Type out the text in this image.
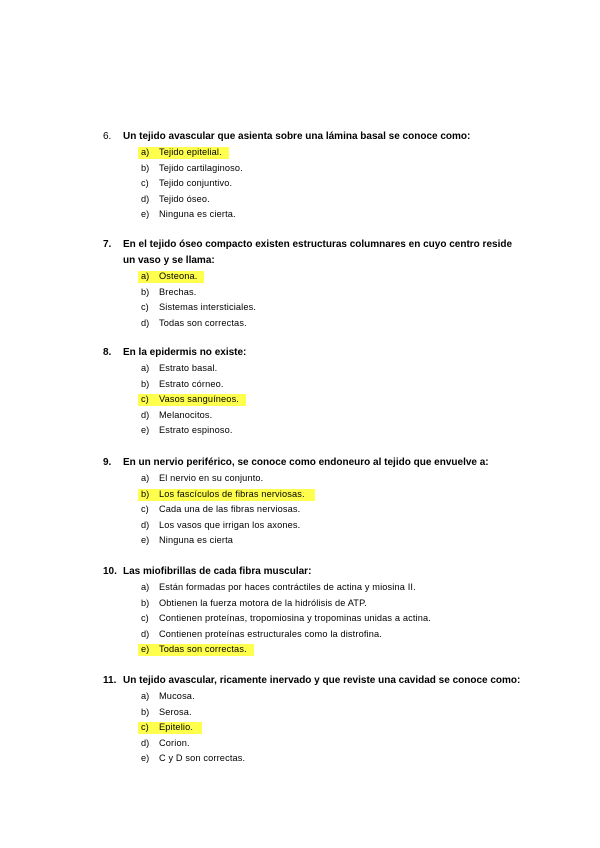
6.	Un tejido avascular que asienta sobre una lámina basal se conoce como:
a) Tejido epitelial.
b) Tejido cartilaginoso.
c) Tejido conjuntivo.
d) Tejido óseo.
e) Ninguna es cierta.
7.	En el tejido óseo compacto existen estructuras columnares en cuyo centro reside un vaso y se llama:
a) Osteona.
b) Brechas.
c) Sistemas intersticiales.
d) Todas son correctas.
8.	En la epidermis no existe:
a) Estrato basal.
b) Estrato córneo.
c) Vasos sanguíneos.
d) Melanocitos.
e) Estrato espinoso.
9.	En un nervio periférico, se conoce como endoneuro al tejido que envuelve a:
a) El nervio en su conjunto.
b) Los fascículos de fibras nerviosas.
c) Cada una de las fibras nerviosas.
d) Los vasos que irrigan los axones.
e) Ninguna es cierta
10. Las miofibrillas de cada fibra muscular:
a) Están formadas por haces contráctiles de actina y miosina II.
b) Obtienen la fuerza motora de la hidrólisis de ATP.
c) Contienen proteínas, tropomiosina y tropominas unidas a actina.
d) Contienen proteínas estructurales como la distrofina.
e) Todas son correctas.
11. Un tejido avascular, ricamente inervado y que reviste una cavidad se conoce como:
a) Mucosa.
b) Serosa.
c) Epitelio.
d) Corion.
e) C y D son correctas.
